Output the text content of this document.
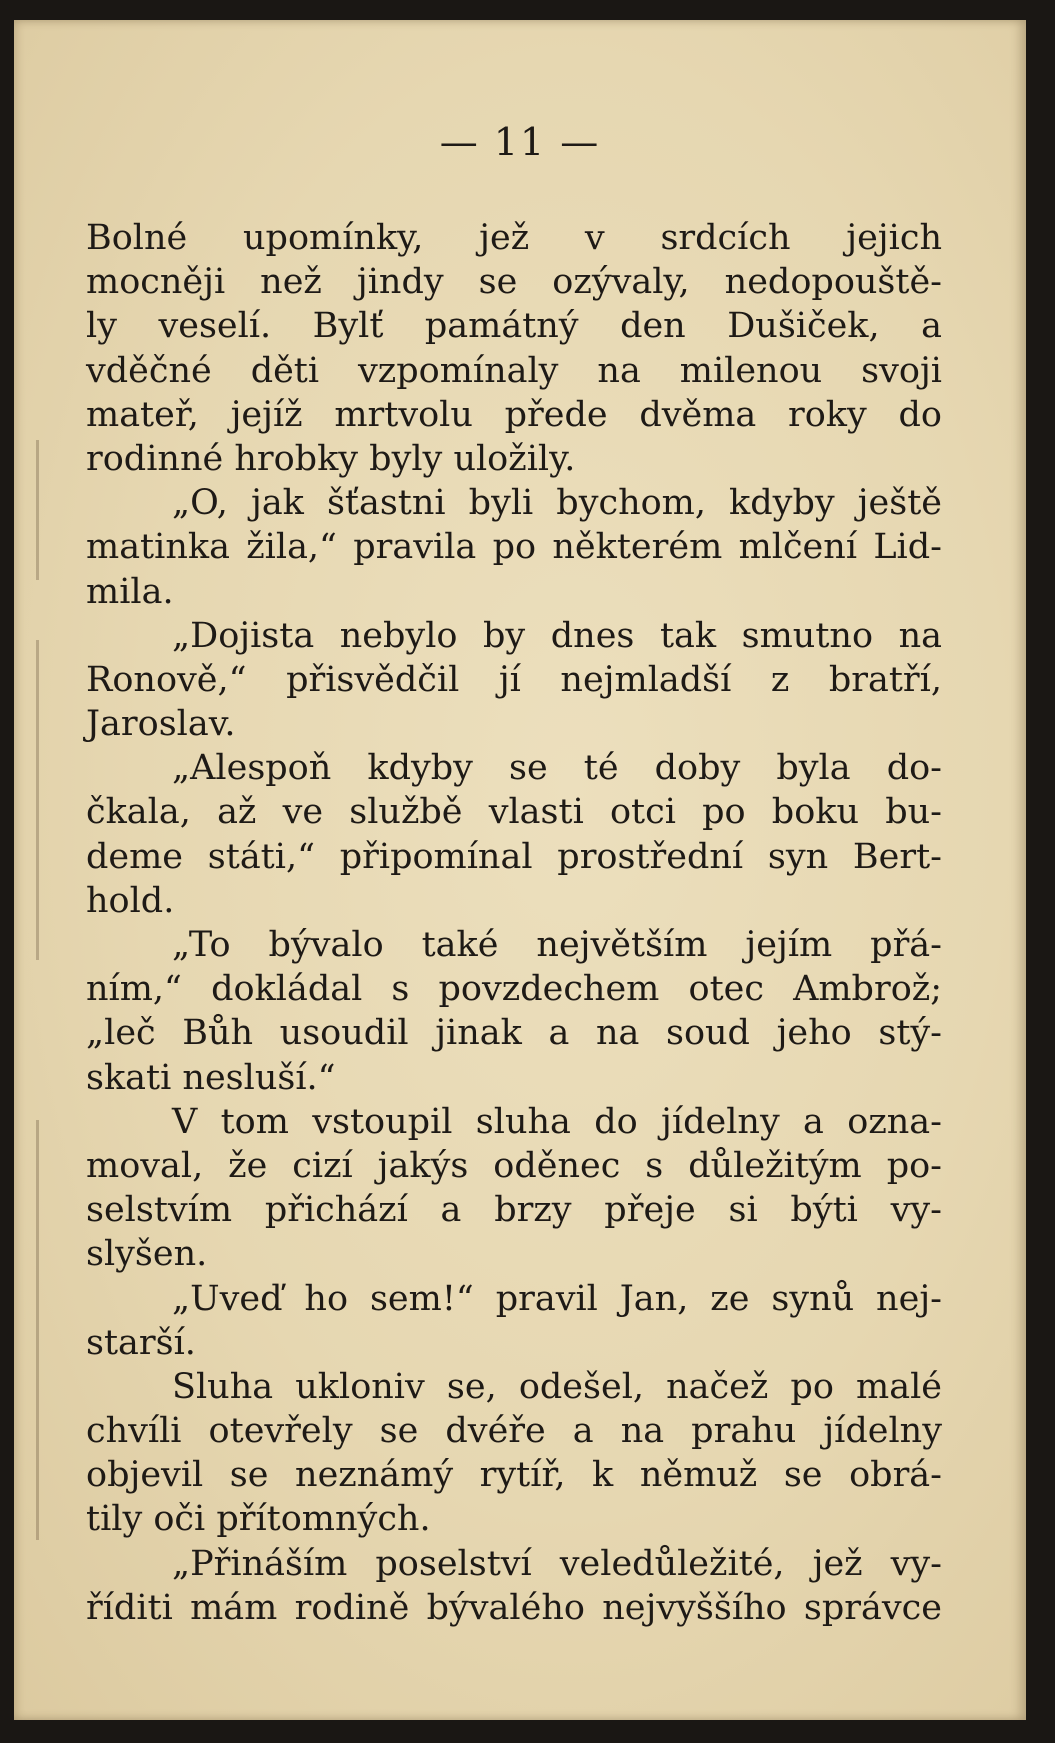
— 11 —
Bolné upomínky, jež v srdcích jejich
mocněji než jindy se ozývaly, nedopouště-
ly veselí. Bylť památný den Dušiček, a
vděčné děti vzpomínaly na milenou svoji
mateř, jejíž mrtvolu přede dvěma roky do
rodinné hrobky byly uložily.
„O, jak šťastni byli bychom, kdyby ještě
matinka žila,“ pravila po některém mlčení Lid-
mila.
„Dojista nebylo by dnes tak smutno na
Ronově,“ přisvědčil jí nejmladší z bratří,
Jaroslav.
„Alespoň kdyby se té doby byla do-
čkala, až ve službě vlasti otci po boku bu-
deme státi,“ připomínal prostřední syn Bert-
hold.
„To bývalo také největším jejím přá-
ním,“ dokládal s povzdechem otec Ambrož;
„leč Bůh usoudil jinak a na soud jeho stý-
skati nesluší.“
V tom vstoupil sluha do jídelny a ozna-
moval, že cizí jakýs oděnec s důležitým po-
selstvím přichází a brzy přeje si býti vy-
slyšen.
„Uveď ho sem!“ pravil Jan, ze synů nej-
starší.
Sluha ukloniv se, odešel, načež po malé
chvíli otevřely se dvéře a na prahu jídelny
objevil se neznámý rytíř, k němuž se obrá-
tily oči přítomných.
„Přináším poselství veledůležité, jež vy-
říditi mám rodině bývalého nejvyššího správce
